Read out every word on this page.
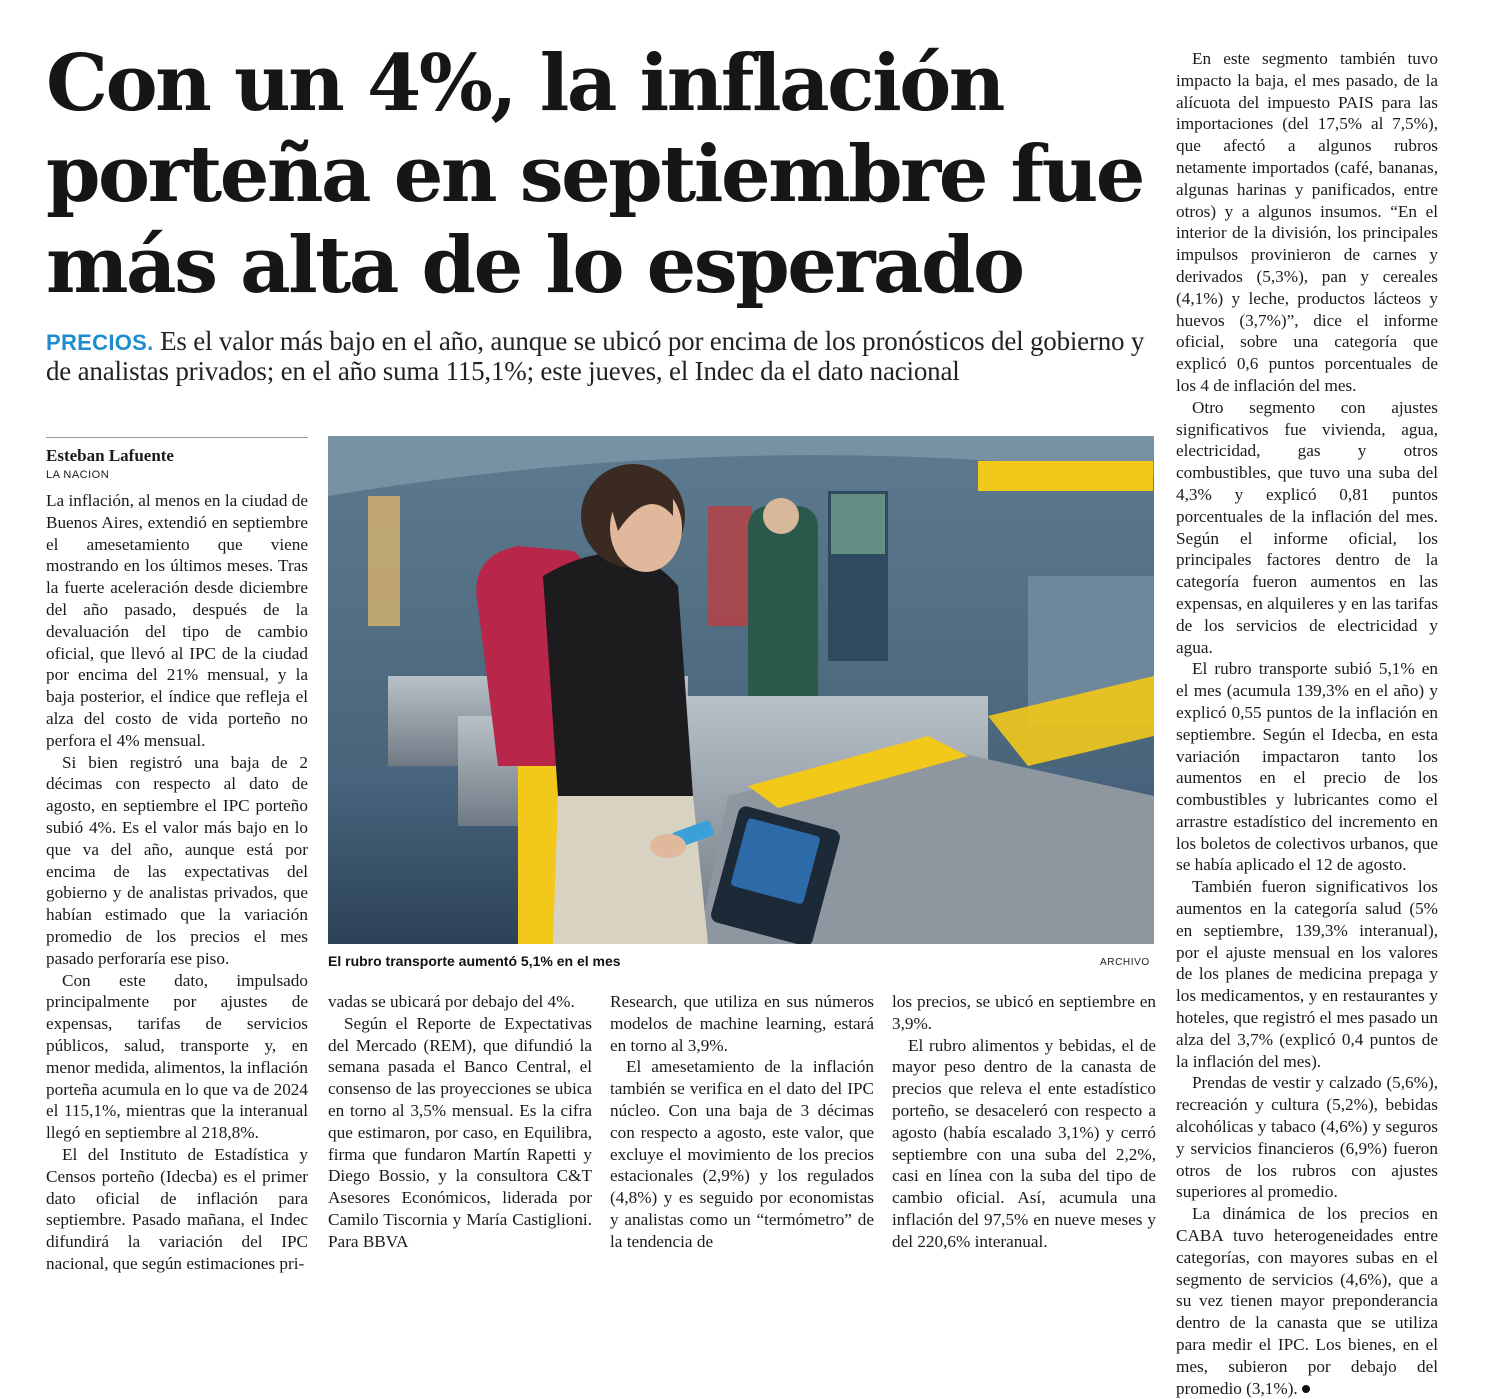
Con un 4%, la inflación porteña en septiembre fue más alta de lo esperado
PRECIOS. Es el valor más bajo en el año, aunque se ubicó por encima de los pronósticos del gobierno y de analistas privados; en el año suma 115,1%; este jueves, el Indec da el dato nacional
Esteban Lafuente
LA NACION

La inflación, al menos en la ciudad de Buenos Aires, extendió en septiembre el amesetamiento que viene mostrando en los últimos meses. Tras la fuerte aceleración desde diciembre del año pasado, después de la devaluación del tipo de cambio oficial, que llevó al IPC de la ciudad por encima del 21% mensual, y la baja posterior, el índice que refleja el alza del costo de vida porteño no perfora el 4% mensual.

Si bien registró una baja de 2 décimas con respecto al dato de agosto, en septiembre el IPC porteño subió 4%. Es el valor más bajo en lo que va del año, aunque está por encima de las expectativas del gobierno y de analistas privados, que habían estimado que la variación promedio de los precios el mes pasado perforaría ese piso.

Con este dato, impulsado principalmente por ajustes de expensas, tarifas de servicios públicos, salud, transporte y, en menor medida, alimentos, la inflación porteña acumula en lo que va de 2024 el 115,1%, mientras que la interanual llegó en septiembre al 218,8%.

El del Instituto de Estadística y Censos porteño (Idecba) es el primer dato oficial de inflación para septiembre. Pasado mañana, el Indec difundirá la variación del IPC nacional, que según estimaciones pri-

El rubro transporte aumentó 5,1% en el mes	ARCHIVO

vadas se ubicará por debajo del 4%.

Según el Reporte de Expectativas del Mercado (REM), que difundió la semana pasada el Banco Central, el consenso de las proyecciones se ubica en torno al 3,5% mensual. Es la cifra que estimaron, por caso, en Equilibra, firma que fundaron Martín Rapetti y Diego Bossio, y la consultora C&T Asesores Económicos, liderada por Camilo Tiscornia y María Castiglioni. Para BBVA

Research, que utiliza en sus números modelos de machine learning, estará en torno al 3,9%.

El amesetamiento de la inflación también se verifica en el dato del IPC núcleo. Con una baja de 3 décimas con respecto a agosto, este valor, que excluye el movimiento de los precios estacionales (2,9%) y los regulados (4,8%) y es seguido por economistas y analistas como un “termómetro” de la tendencia de

los precios, se ubicó en septiembre en 3,9%.

El rubro alimentos y bebidas, el de mayor peso dentro de la canasta de precios que releva el ente estadístico porteño, se desaceleró con respecto a agosto (había escalado 3,1%) y cerró septiembre con una suba del 2,2%, casi en línea con la suba del tipo de cambio oficial. Así, acumula una inflación del 97,5% en nueve meses y del 220,6% interanual.

En este segmento también tuvo impacto la baja, el mes pasado, de la alícuota del impuesto PAIS para las importaciones (del 17,5% al 7,5%), que afectó a algunos rubros netamente importados (café, bananas, algunas harinas y panificados, entre otros) y a algunos insumos. “En el interior de la división, los principales impulsos provinieron de carnes y derivados (5,3%), pan y cereales (4,1%) y leche, productos lácteos y huevos (3,7%)”, dice el informe oficial, sobre una categoría que explicó 0,6 puntos porcentuales de los 4 de inflación del mes.

Otro segmento con ajustes significativos fue vivienda, agua, electricidad, gas y otros combustibles, que tuvo una suba del 4,3% y explicó 0,81 puntos porcentuales de la inflación del mes. Según el informe oficial, los principales factores dentro de la categoría fueron aumentos en las expensas, en alquileres y en las tarifas de los servicios de electricidad y agua.

El rubro transporte subió 5,1% en el mes (acumula 139,3% en el año) y explicó 0,55 puntos de la inflación en septiembre. Según el Idecba, en esta variación impactaron tanto los aumentos en el precio de los combustibles y lubricantes como el arrastre estadístico del incremento en los boletos de colectivos urbanos, que se había aplicado el 12 de agosto.

También fueron significativos los aumentos en la categoría salud (5% en septiembre, 139,3% interanual), por el ajuste mensual en los valores de los planes de medicina prepaga y los medicamentos, y en restaurantes y hoteles, que registró el mes pasado un alza del 3,7% (explicó 0,4 puntos de la inflación del mes).

Prendas de vestir y calzado (5,6%), recreación y cultura (5,2%), bebidas alcohólicas y tabaco (4,6%) y seguros y servicios financieros (6,9%) fueron otros de los rubros con ajustes superiores al promedio.

La dinámica de los precios en CABA tuvo heterogeneidades entre categorías, con mayores subas en el segmento de servicios (4,6%), que a su vez tienen mayor preponderancia dentro de la canasta que se utiliza para medir el IPC. Los bienes, en el mes, subieron por debajo del promedio (3,1%).
